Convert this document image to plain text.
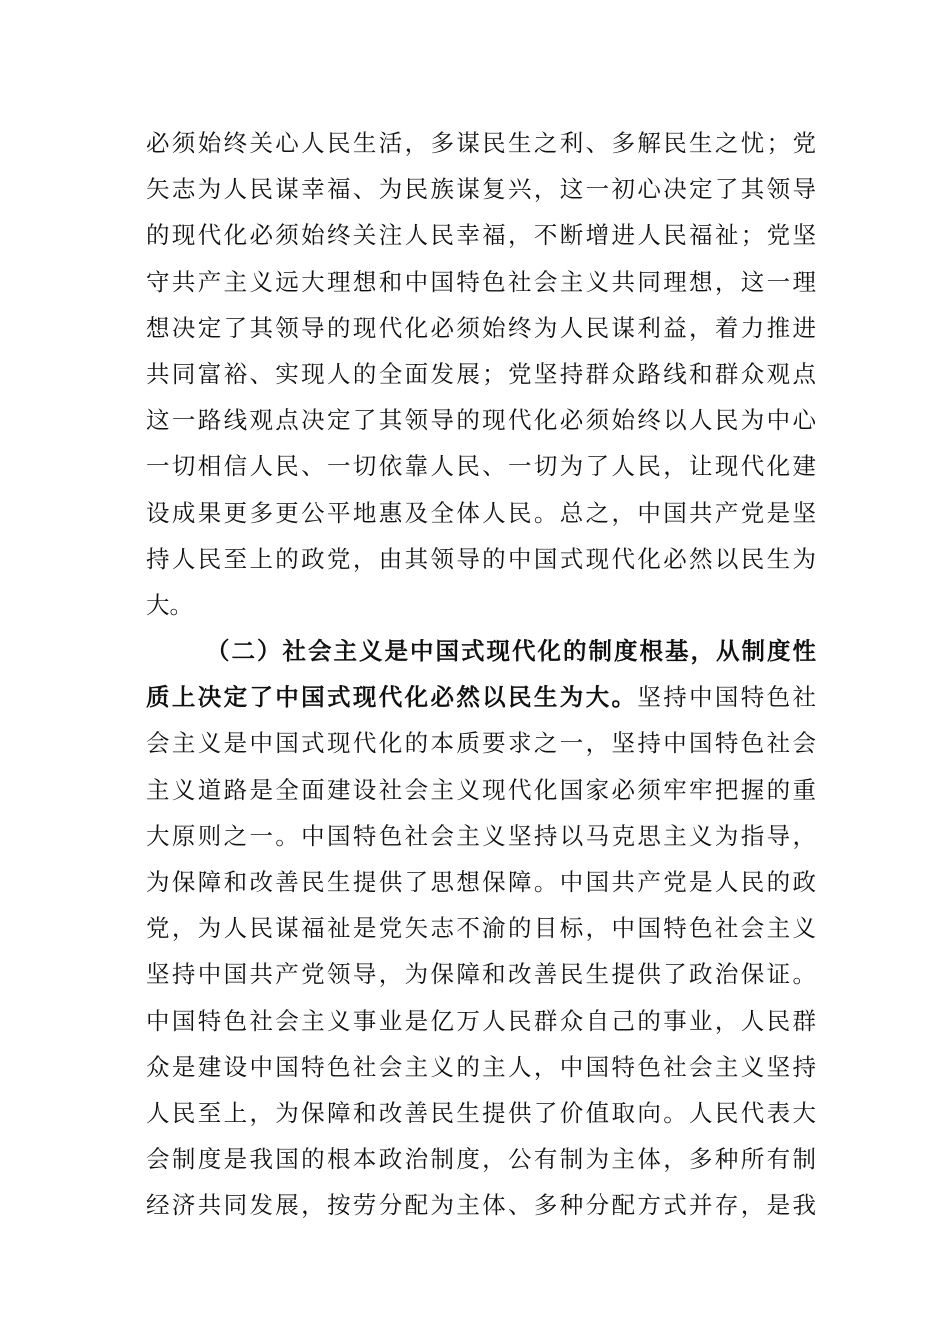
必须始终关心人民生活，多谋民生之利、多解民生之忧；党
矢志为人民谋幸福、为民族谋复兴，这一初心决定了其领导
的现代化必须始终关注人民幸福，不断增进人民福祉；党坚
守共产主义远大理想和中国特色社会主义共同理想，这一理
想决定了其领导的现代化必须始终为人民谋利益，着力推进
共同富裕、实现人的全面发展；党坚持群众路线和群众观点
这一路线观点决定了其领导的现代化必须始终以人民为中心
一切相信人民、一切依靠人民、一切为了人民，让现代化建
设成果更多更公平地惠及全体人民。总之，中国共产党是坚
持人民至上的政党，由其领导的中国式现代化必然以民生为
大。
（二）社会主义是中国式现代化的制度根基，从制度性
质上决定了中国式现代化必然以民生为大。坚持中国特色社
会主义是中国式现代化的本质要求之一，坚持中国特色社会
主义道路是全面建设社会主义现代化国家必须牢牢把握的重
大原则之一。中国特色社会主义坚持以马克思主义为指导，
为保障和改善民生提供了思想保障。中国共产党是人民的政
党，为人民谋福祉是党矢志不渝的目标，中国特色社会主义
坚持中国共产党领导，为保障和改善民生提供了政治保证。
中国特色社会主义事业是亿万人民群众自己的事业，人民群
众是建设中国特色社会主义的主人，中国特色社会主义坚持
人民至上，为保障和改善民生提供了价值取向。人民代表大
会制度是我国的根本政治制度，公有制为主体，多种所有制
经济共同发展，按劳分配为主体、多种分配方式并存，是我
